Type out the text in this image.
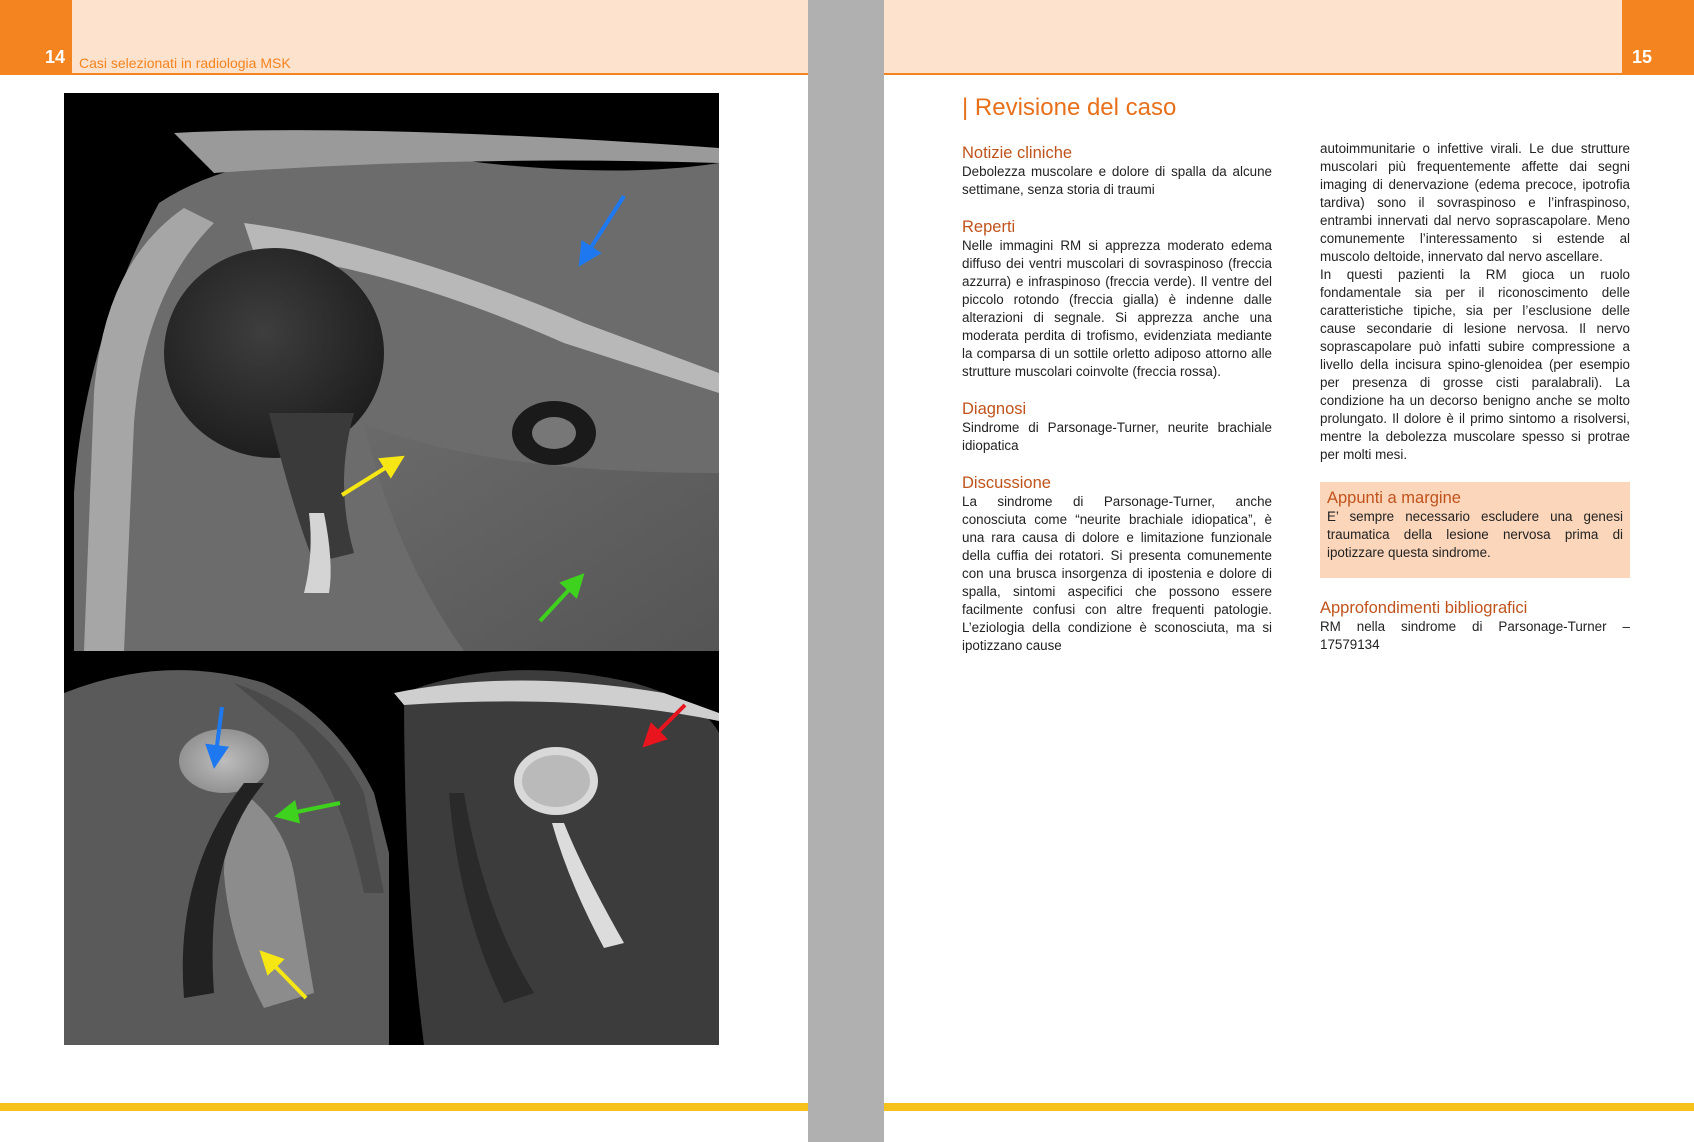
14 Casi selezionati in radiologia MSK	15
| Revisione del caso
Notizie cliniche

Debolezza muscolare e dolore di spalla da alcune settimane, senza storia di traumi

Reperti

Nelle immagini RM si apprezza moderato edema diffuso dei ventri muscolari di sovraspinoso (freccia azzurra) e infraspinoso (freccia verde). Il ventre del piccolo rotondo (freccia gialla) è indenne dalle alterazioni di segnale. Si apprezza anche una moderata perdita di trofismo, evidenziata mediante la comparsa di un sottile orletto adiposo attorno alle strutture muscolari coinvolte (freccia rossa).

Diagnosi

Sindrome di Parsonage-Turner, neurite brachiale idiopatica

Discussione

La sindrome di Parsonage-Turner, anche conosciuta come “neurite brachiale idiopatica”, è una rara causa di dolore e limitazione funzionale della cuffia dei rotatori. Si presenta comunemente con una brusca insorgenza di ipostenia e dolore di spalla, sintomi aspecifici che possono essere facilmente confusi con altre frequenti patologie. L’eziologia della condizione è sconosciuta, ma si ipotizzano cause

autoimmunitarie o infettive virali. Le due strutture muscolari più frequentemente affette dai segni imaging di denervazione (edema precoce, ipotrofia tardiva) sono il sovraspinoso e l’infraspinoso, entrambi innervati dal nervo soprascapolare. Meno comunemente l’interessamento si estende al muscolo deltoide, innervato dal nervo ascellare.

In questi pazienti la RM gioca un ruolo fondamentale sia per il riconoscimento delle caratteristiche tipiche, sia per l’esclusione delle cause secondarie di lesione nervosa. Il nervo soprascapolare può infatti subire compressione a livello della incisura spino-glenoidea (per esempio per presenza di grosse cisti paralabrali). La condizione ha un decorso benigno anche se molto prolungato. Il dolore è il primo sintomo a risolversi, mentre la debolezza muscolare spesso si protrae per molti mesi.

Appunti a margine

E’ sempre necessario escludere una genesi traumatica della lesione nervosa prima di ipotizzare questa sindrome.

Approfondimenti bibliografici

RM nella sindrome di Parsonage-Turner – 17579134
